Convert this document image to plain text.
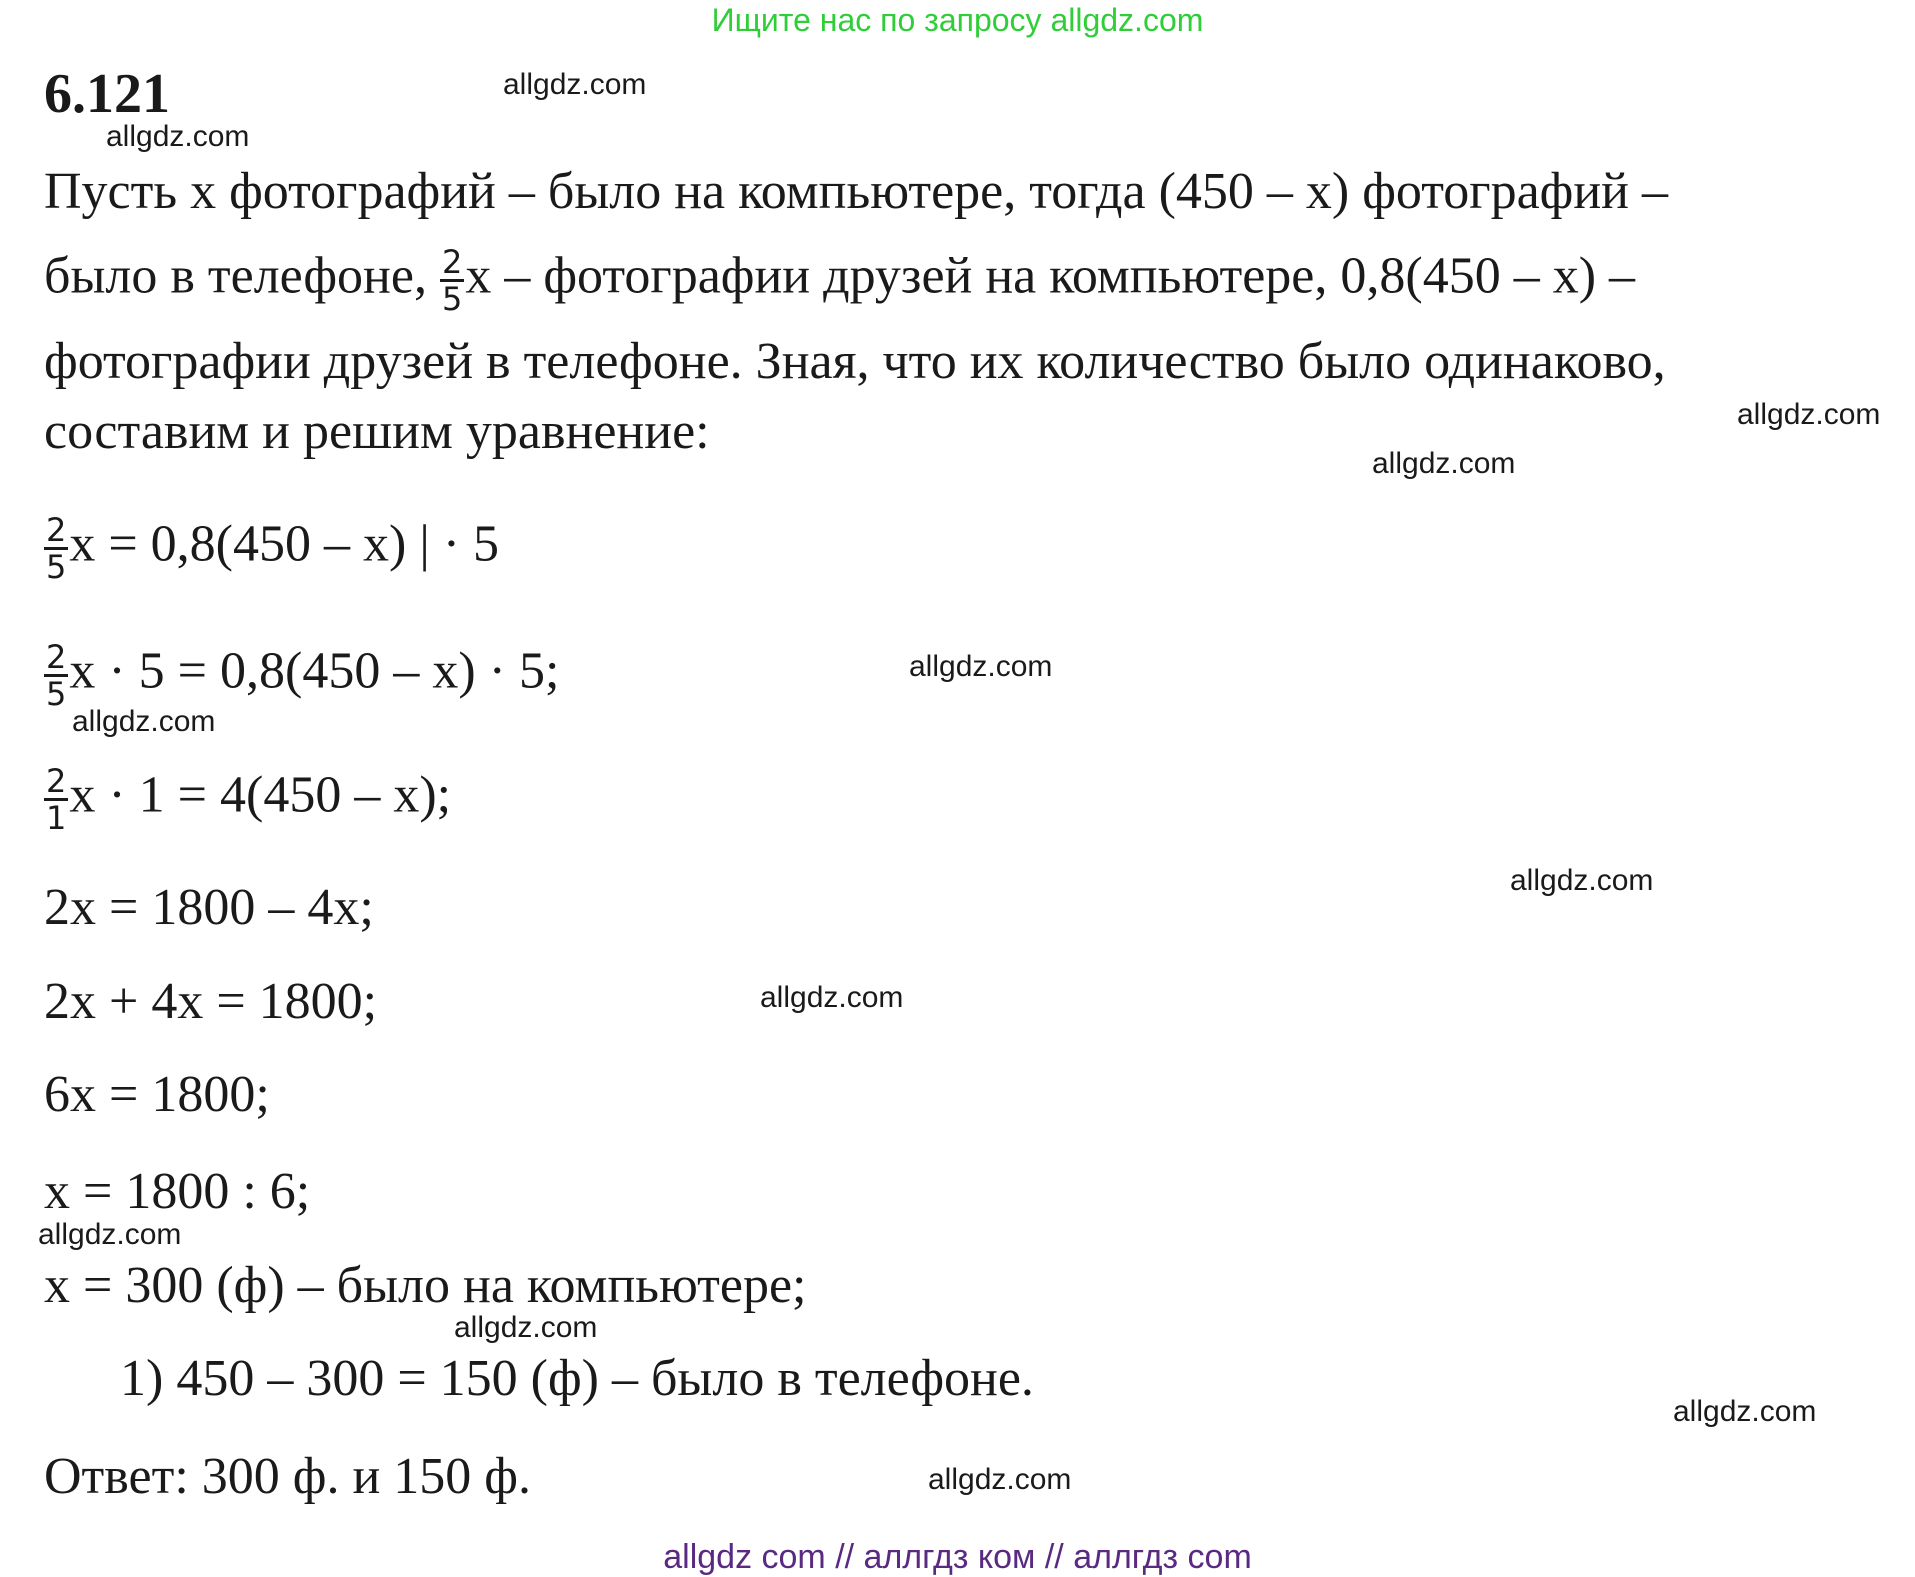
Ищите нас по запросу allgdz.com
6.121	allgdz.com
allgdz.com
allgdz.com
allgdz.com
allgdz.com
allgdz.com
allgdz.com
allgdz.com
allgdz.com
allgdz.com
allgdz.com
allgdz.com
Пусть x фотографий – было на компьютере, тогда (450 – x) фотографий –
было в телефоне, $\frac{2}{5}$ x – фотографии друзей на компьютере, 0,8(450 – x) –
фотографии друзей в телефоне. Зная, что их количество было одинаково,
составим и решим уравнение:
$\frac{2}{5}$ x = 0,8(450 – x) | · 5
$\frac{2}{5}$ x · 5 = 0,8(450 – x) · 5;
$\frac{2}{1}$ x · 1 = 4(450 – x);
2x = 1800 – 4x;
2x + 4x = 1800;
6x = 1800;
x = 1800 : 6;
x = 300 (ф) – было на компьютере;
1) 450 – 300 = 150 (ф) – было в телефоне.
Ответ: 300 ф. и 150 ф.
allgdz com // аллгдз ком // аллгдз com
